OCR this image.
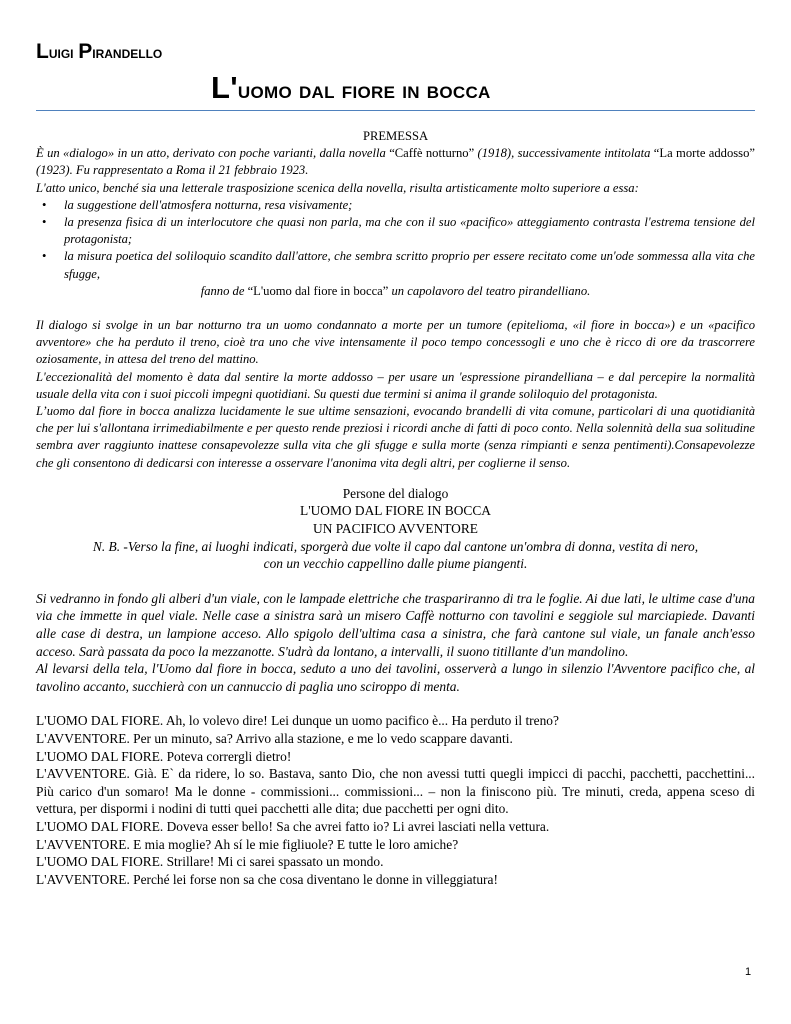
Luigi Pirandello
L'uomo dal fiore in bocca

PREMESSA

È un «dialogo» in un atto, derivato con poche varianti, dalla novella “Caffè notturno” (1918), successivamente intitolata “La morte addosso” (1923). Fu rappresentato a Roma il 21 febbraio 1923.

L'atto unico, benché sia una letterale trasposizione scenica della novella, risulta artisticamente molto superiore a essa:

• la suggestione dell'atmosfera notturna, resa visivamente;
• la presenza fisica di un interlocutore che quasi non parla, ma che con il suo «pacifico» atteggiamento contrasta l'estrema tensione del protagonista;
• la misura poetica del soliloquio scandito dall'attore, che sembra scritto proprio per essere recitato come un'ode sommessa alla vita che sfugge,

fanno de “L'uomo dal fiore in bocca” un capolavoro del teatro pirandelliano.

Il dialogo si svolge in un bar notturno tra un uomo condannato a morte per un tumore (epitelioma, «il fiore in bocca») e un «pacifico avventore» che ha perduto il treno, cioè tra uno che vive intensamente il poco tempo concessogli e uno che è ricco di ore da trascorrere oziosamente, in attesa del treno del mattino.

L'eccezionalità del momento è data dal sentire la morte addosso – per usare un 'espressione pirandelliana – e dal percepire la normalità usuale della vita con i suoi piccoli impegni quotidiani. Su questi due termini si anima il grande soliloquio del protagonista.

L’uomo dal fiore in bocca analizza lucidamente le sue ultime sensazioni, evocando brandelli di vita comune, particolari di una quotidianità che per lui s'allontana irrimediabilmente e per questo rende preziosi i ricordi anche di fatti di poco conto. Nella solennità della sua solitudine sembra aver raggiunto inattese consapevolezze sulla vita che gli sfugge e sulla morte (senza rimpianti e senza pentimenti).Consapevolezze che gli consentono di dedicarsi con interesse a osservare l'anonima vita degli altri, per coglierne il senso.

Persone del dialogo

L'UOMO DAL FIORE IN BOCCA

UN PACIFICO AVVENTORE

N. B. -Verso la fine, ai luoghi indicati, sporgerà due volte il capo dal cantone un'ombra di donna, vestita di nero,

con un vecchio cappellino dalle piume piangenti.

Si vedranno in fondo gli alberi d'un viale, con le lampade elettriche che traspariranno di tra le foglie. Ai due lati, le ultime case d'una via che immette in quel viale. Nelle case a sinistra sarà un misero Caffè notturno con tavolini e seggiole sul marciapiede. Davanti alle case di destra, un lampione acceso. Allo spigolo dell'ultima casa a sinistra, che farà cantone sul viale, un fanale anch'esso acceso. Sarà passata da poco la mezzanotte. S'udrà da lontano, a intervalli, il suono titillante d'un mandolino.

Al levarsi della tela, l'Uomo dal fiore in bocca, seduto a uno dei tavolini, osserverà a lungo in silenzio l'Avventore pacifico che, al tavolino accanto, succhierà con un cannuccio di paglia uno sciroppo di menta.

L'UOMO DAL FIORE. Ah, lo volevo dire! Lei dunque un uomo pacifico è... Ha perduto il treno?

L'AVVENTORE. Per un minuto, sa? Arrivo alla stazione, e me lo vedo scappare davanti.

L'UOMO DAL FIORE. Poteva corrergli dietro!

L'AVVENTORE. Già. E` da ridere, lo so. Bastava, santo Dio, che non avessi tutti quegli impicci di pacchi, pacchetti, pacchettini... Più carico d'un somaro! Ma le donne - commissioni... commissioni... – non la finiscono più. Tre minuti, creda, appena sceso di vettura, per dispormi i nodini di tutti quei pacchetti alle dita; due pacchetti per ogni dito.

L'UOMO DAL FIORE. Doveva esser bello! Sa che avrei fatto io? Li avrei lasciati nella vettura.

L'AVVENTORE. E mia moglie? Ah sí le mie figliuole? E tutte le loro amiche?

L'UOMO DAL FIORE. Strillare! Mi ci sarei spassato un mondo.

L'AVVENTORE. Perché lei forse non sa che cosa diventano le donne in villeggiatura!

1
